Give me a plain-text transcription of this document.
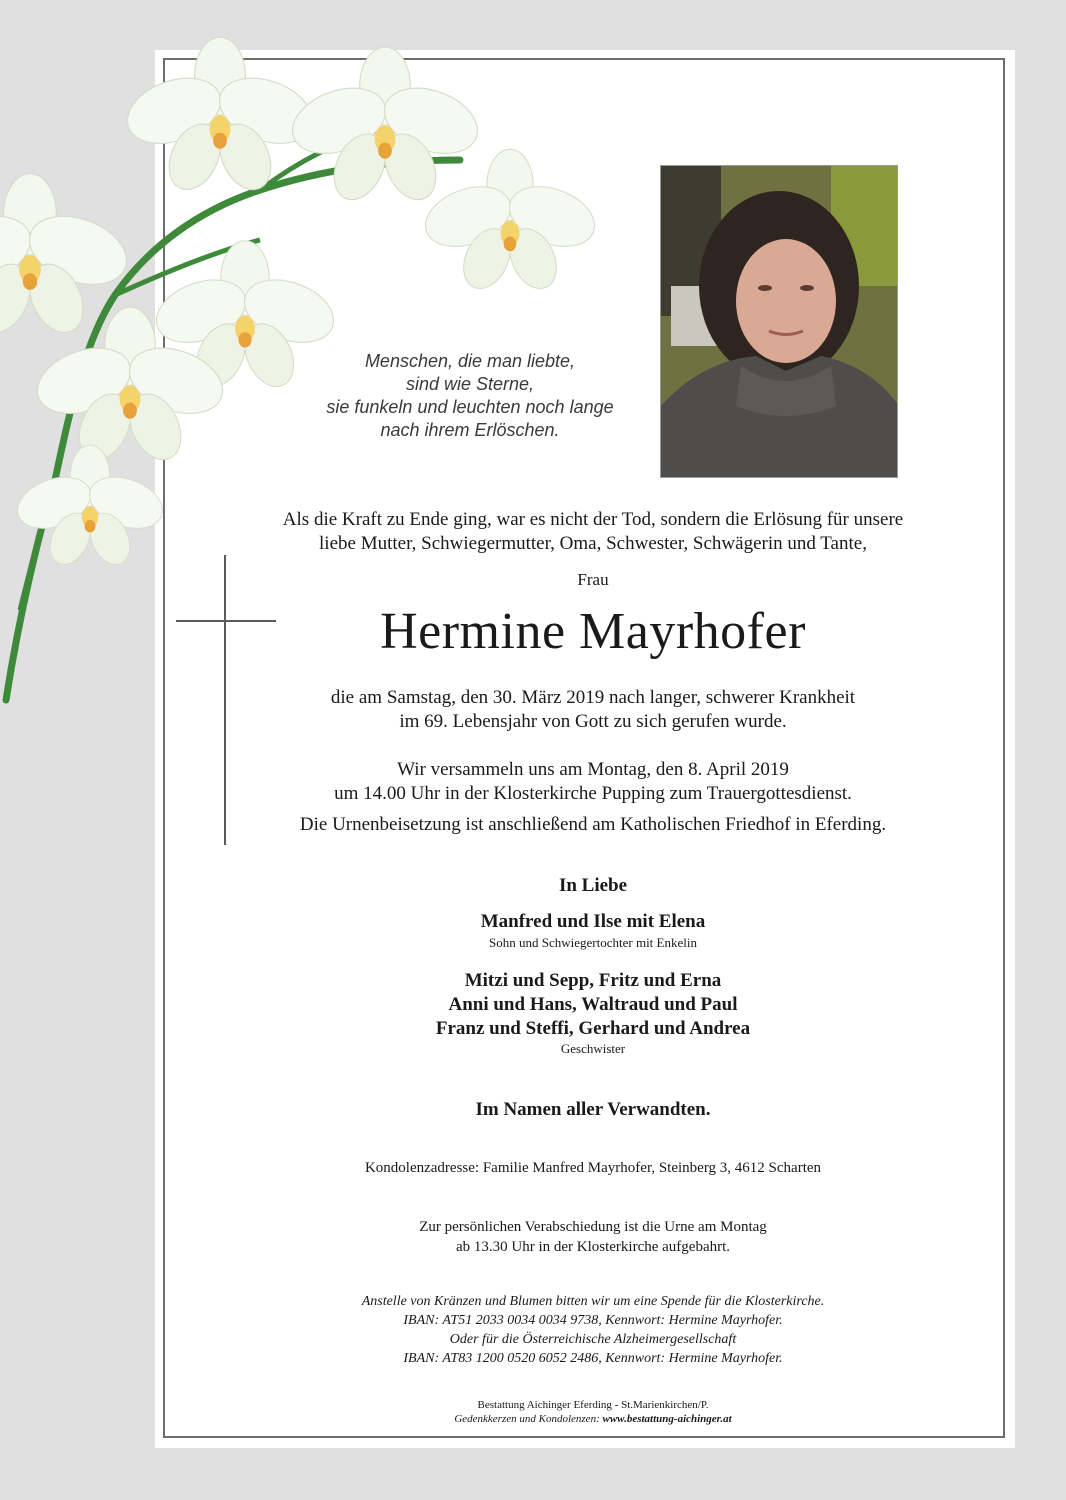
Menschen, die man liebte,
sind wie Sterne,
sie funkeln und leuchten noch lange
nach ihrem Erlöschen.
Als die Kraft zu Ende ging, war es nicht der Tod, sondern die Erlösung für unsere
liebe Mutter, Schwiegermutter, Oma, Schwester, Schwägerin und Tante,
Frau
Hermine Mayrhofer
die am Samstag, den 30. März 2019 nach langer, schwerer Krankheit
im 69. Lebensjahr von Gott zu sich gerufen wurde.
Wir versammeln uns am Montag, den 8. April 2019
um 14.00 Uhr in der Klosterkirche Pupping zum Trauergottesdienst.
Die Urnenbeisetzung ist anschließend am Katholischen Friedhof in Eferding.
In Liebe
Manfred und Ilse mit Elena
Sohn und Schwiegertochter mit Enkelin
Mitzi und Sepp, Fritz und Erna
Anni und Hans, Waltraud und Paul
Franz und Steffi, Gerhard und Andrea
Geschwister
Im Namen aller Verwandten.
Kondolenzadresse: Familie Manfred Mayrhofer, Steinberg 3, 4612 Scharten
Zur persönlichen Verabschiedung ist die Urne am Montag
ab 13.30 Uhr in der Klosterkirche aufgebahrt.
Anstelle von Kränzen und Blumen bitten wir um eine Spende für die Klosterkirche.
IBAN: AT51 2033 0034 0034 9738, Kennwort: Hermine Mayrhofer.
Oder für die Österreichische Alzheimergesellschaft
IBAN: AT83 1200 0520 6052 2486, Kennwort: Hermine Mayrhofer.
Bestattung Aichinger Eferding - St.Marienkirchen/P.
Gedenkkerzen und Kondolenzen: www.bestattung-aichinger.at
